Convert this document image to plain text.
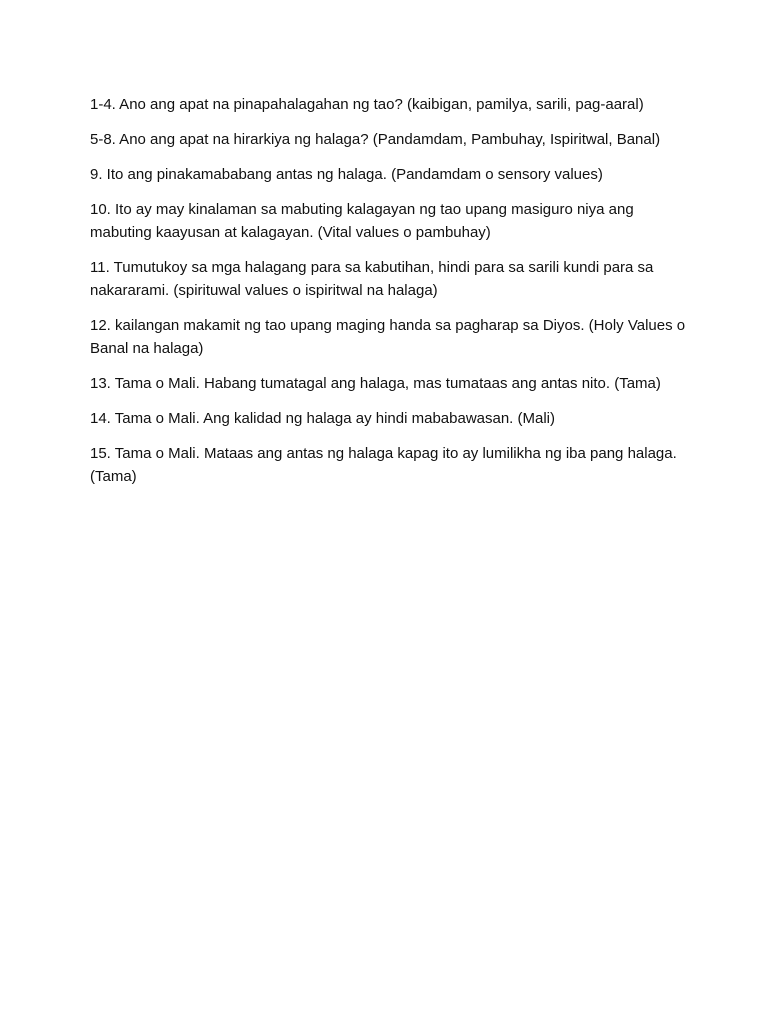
1-4. Ano ang apat na pinapahalagahan ng tao? (kaibigan, pamilya, sarili, pag-aaral)

5-8. Ano ang apat na hirarkiya ng halaga? (Pandamdam, Pambuhay, Ispiritwal, Banal)

9. Ito ang pinakamababang antas ng halaga. (Pandamdam o sensory values)

10. Ito ay may kinalaman sa mabuting kalagayan ng tao upang masiguro niya ang mabuting kaayusan at kalagayan. (Vital values o pambuhay)

11. Tumutukoy sa mga halagang para sa kabutihan, hindi para sa sarili kundi para sa nakararami. (spirituwal values o ispiritwal na halaga)

12. kailangan makamit ng tao upang maging handa sa pagharap sa Diyos. (Holy Values o Banal na halaga)

13. Tama o Mali. Habang tumatagal ang halaga, mas tumataas ang antas nito. (Tama)

14. Tama o Mali. Ang kalidad ng halaga ay hindi mababawasan. (Mali)

15. Tama o Mali. Mataas ang antas ng halaga kapag ito ay lumilikha ng iba pang halaga. (Tama)
